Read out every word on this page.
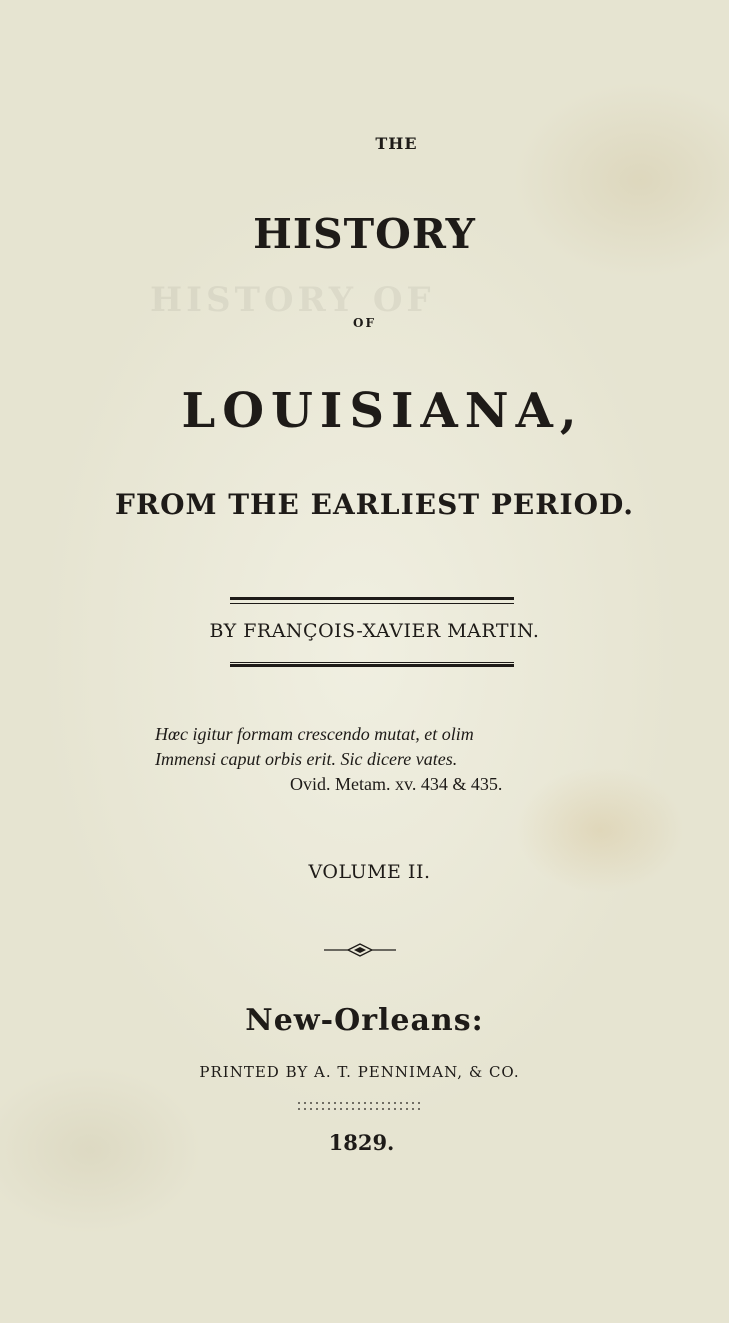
HISTORY OF
THE
HISTORY
OF
LOUISIANA,
FROM THE EARLIEST PERIOD.
BY FRANÇOIS-XAVIER MARTIN.
Hœc igitur formam crescendo mutat, et olim
Immensi caput orbis erit. Sic dicere vates.
Ovid. Metam. xv. 434 & 435.
VOLUME II.
New-Orleans:
PRINTED BY A. T. PENNIMAN, & CO.
1829.
